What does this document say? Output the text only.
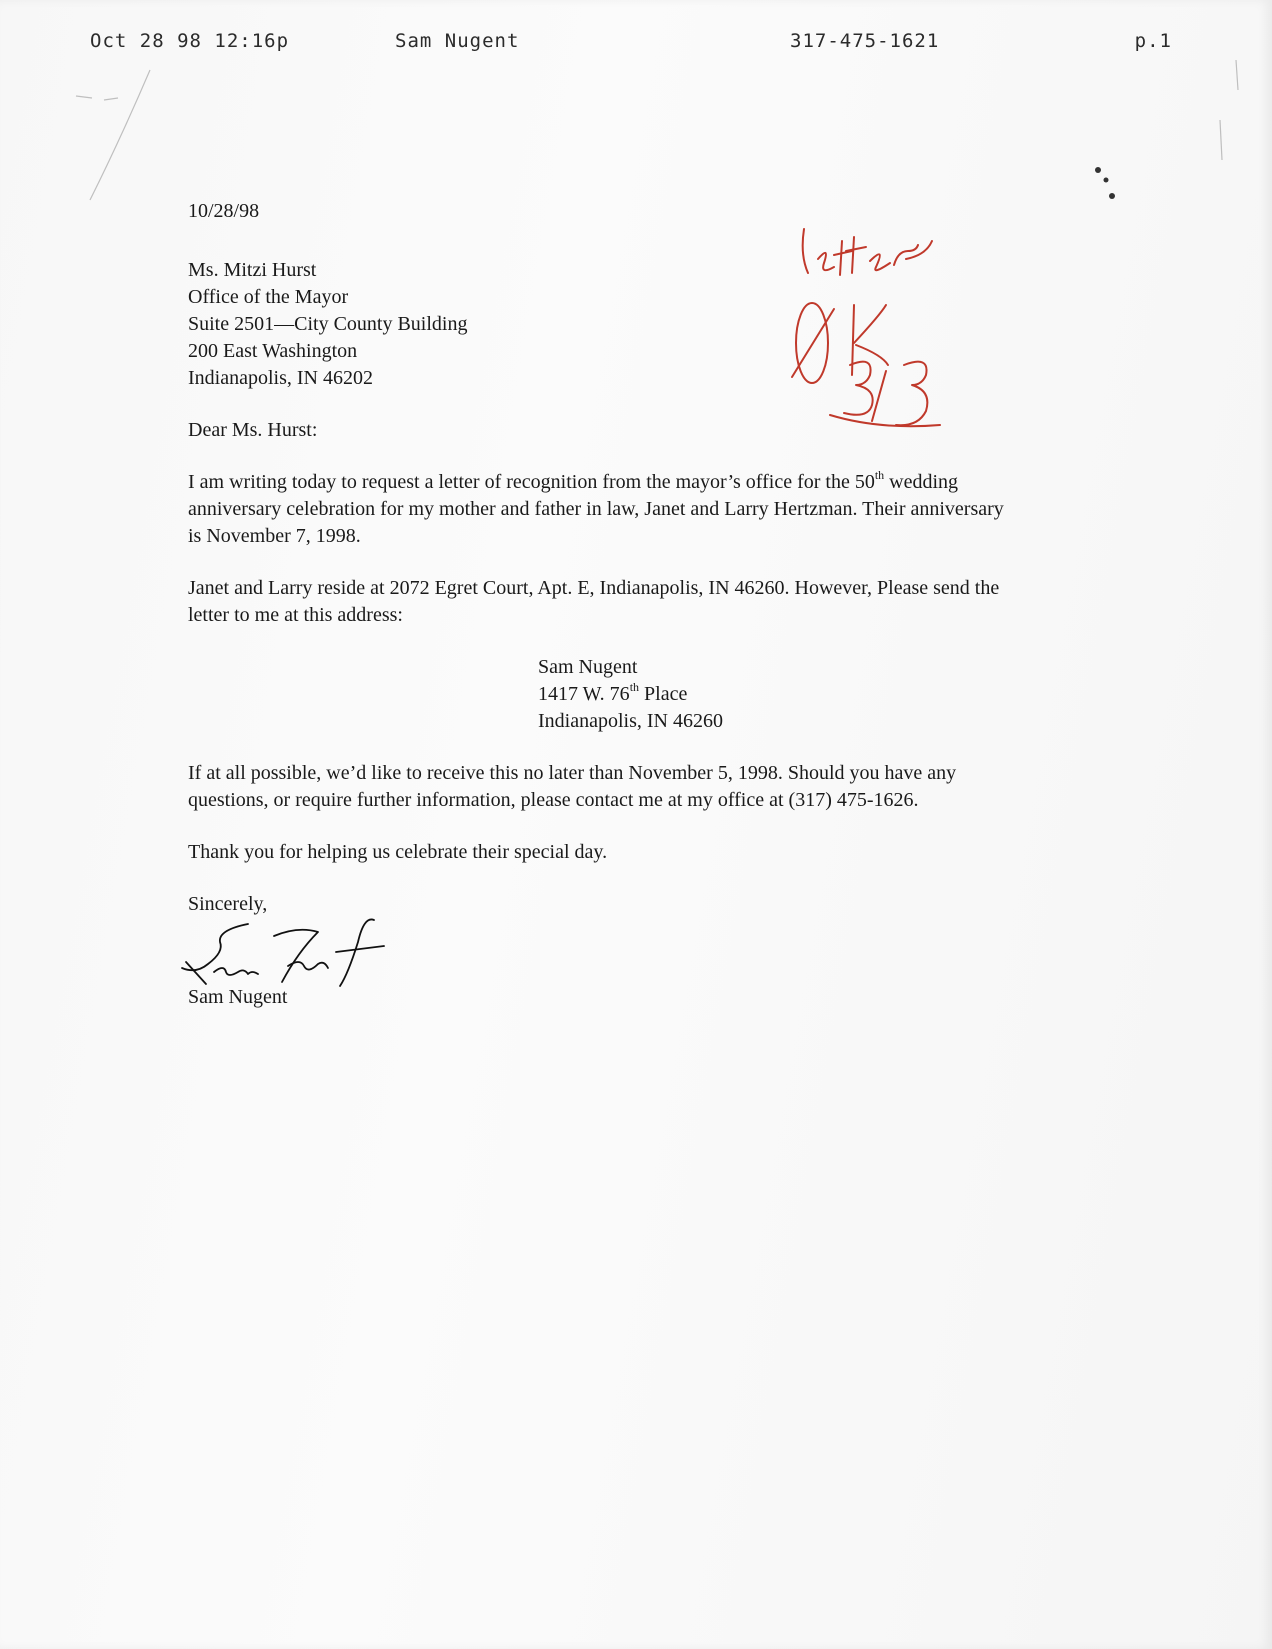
Oct 28 98 12:16p	Sam Nugent	317-475-1621	p.1

10/28/98

Ms. Mitzi Hurst
Office of the Mayor
Suite 2501—City County Building
200 East Washington
Indianapolis, IN 46202

Dear Ms. Hurst:

I am writing today to request a letter of recognition from the mayor’s office for the 50th wedding anniversary celebration for my mother and father in law, Janet and Larry Hertzman. Their anniversary is November 7, 1998.

Janet and Larry reside at 2072 Egret Court, Apt. E, Indianapolis, IN 46260. However, Please send the letter to me at this address:

Sam Nugent
1417 W. 76th Place
Indianapolis, IN 46260

If at all possible, we’d like to receive this no later than November 5, 1998. Should you have any questions, or require further information, please contact me at my office at (317) 475-1626.

Thank you for helping us celebrate their special day.

Sincerely,

Sam Nugent
